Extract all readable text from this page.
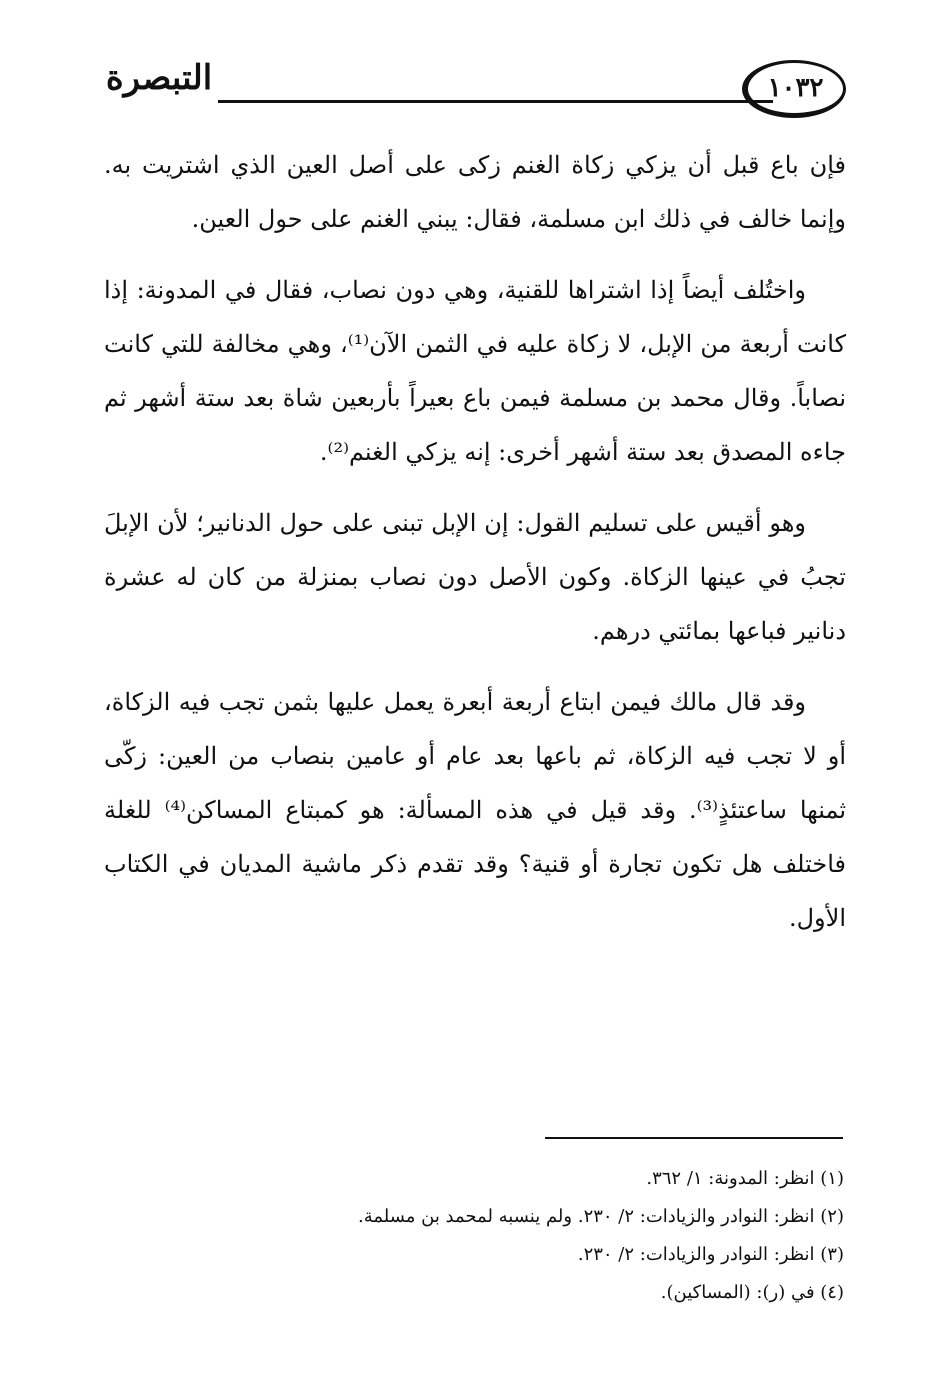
التبصرة	١٠٣٢

فإن باع قبل أن يزكي زكاة الغنم زكى على أصل العين الذي اشتريت به. وإنما خالف في ذلك ابن مسلمة، فقال: يبني الغنم على حول العين.

واختُلف أيضاً إذا اشتراها للقنية، وهي دون نصاب، فقال في المدونة: إذا كانت أربعة من الإبل، لا زكاة عليه في الثمن الآن⁽¹⁾، وهي مخالفة للتي كانت نصاباً. وقال محمد بن مسلمة فيمن باع بعيراً بأربعين شاة بعد ستة أشهر ثم جاءه المصدق بعد ستة أشهر أخرى: إنه يزكي الغنم⁽²⁾.

وهو أقيس على تسليم القول: إن الإبل تبنى على حول الدنانير؛ لأن الإبلَ تجبُ في عينها الزكاة. وكون الأصل دون نصاب بمنزلة من كان له عشرة دنانير فباعها بمائتي درهم.

وقد قال مالك فيمن ابتاع أربعة أبعرة يعمل عليها بثمن تجب فيه الزكاة، أو لا تجب فيه الزكاة، ثم باعها بعد عام أو عامين بنصاب من العين: زكّى ثمنها ساعتئذٍ⁽³⁾. وقد قيل في هذه المسألة: هو كمبتاع المساكن⁽⁴⁾ للغلة فاختلف هل تكون تجارة أو قنية؟ وقد تقدم ذكر ماشية المديان في الكتاب الأول.

(١) انظر: المدونة: ١/ ٣٦٢.
(٢) انظر: النوادر والزيادات: ٢/ ٢٣٠. ولم ينسبه لمحمد بن مسلمة.
(٣) انظر: النوادر والزيادات: ٢/ ٢٣٠.
(٤) في (ر): (المساكين).
